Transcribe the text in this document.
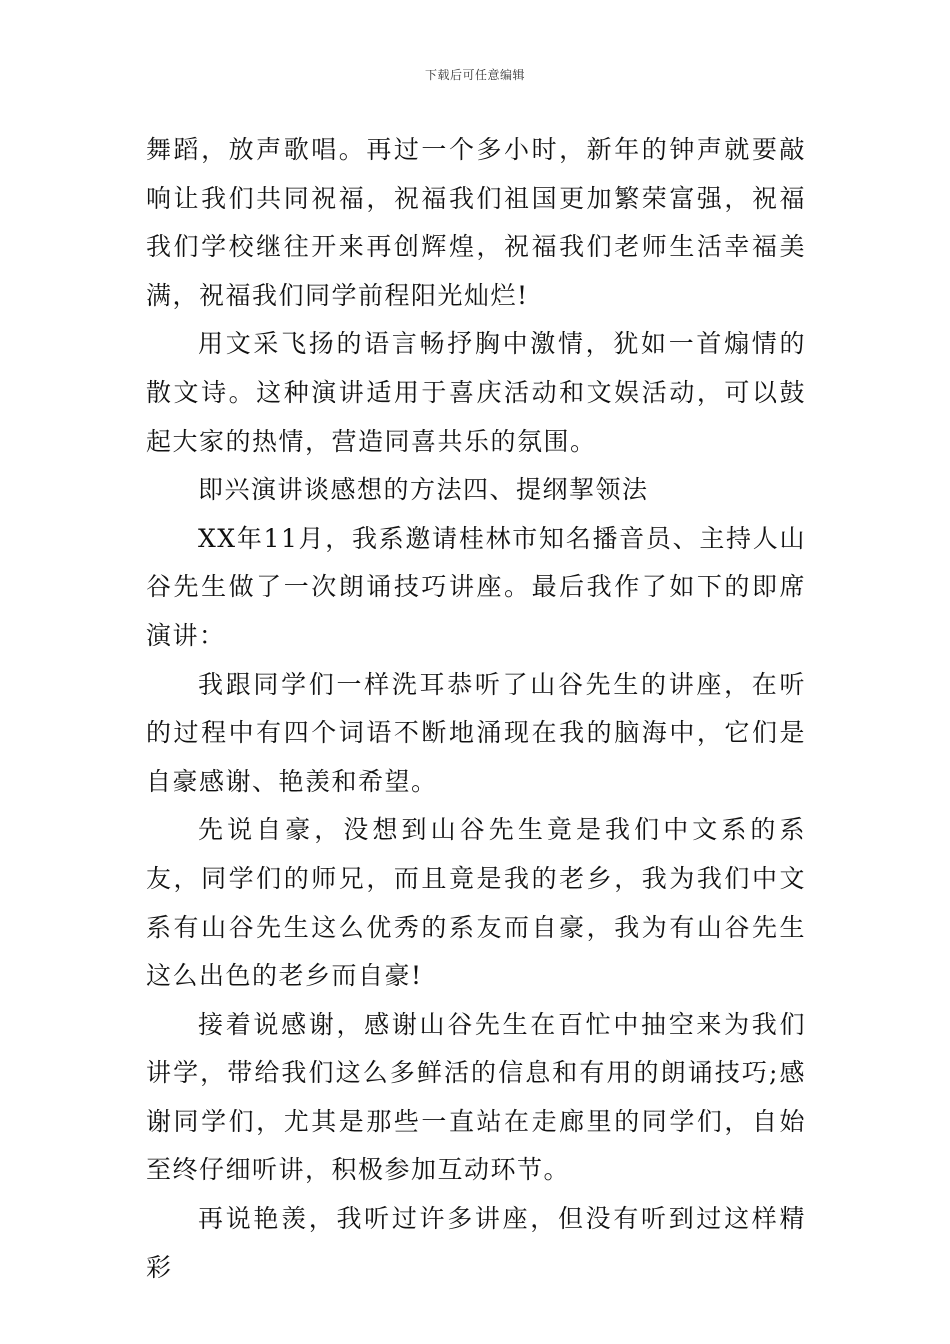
下载后可任意编辑

舞蹈，放声歌唱。再过一个多小时，新年的钟声就要敲响让我们共同祝福，祝福我们祖国更加繁荣富强，祝福我们学校继往开来再创辉煌，祝福我们老师生活幸福美满，祝福我们同学前程阳光灿烂!

用文采飞扬的语言畅抒胸中激情，犹如一首煽情的散文诗。这种演讲适用于喜庆活动和文娱活动，可以鼓起大家的热情，营造同喜共乐的氛围。

即兴演讲谈感想的方法四、提纲挈领法

XX年11月，我系邀请桂林市知名播音员、主持人山谷先生做了一次朗诵技巧讲座。最后我作了如下的即席演讲：

我跟同学们一样洗耳恭听了山谷先生的讲座，在听的过程中有四个词语不断地涌现在我的脑海中，它们是自豪感谢、艳羡和希望。

先说自豪，没想到山谷先生竟是我们中文系的系友，同学们的师兄，而且竟是我的老乡，我为我们中文系有山谷先生这么优秀的系友而自豪，我为有山谷先生这么出色的老乡而自豪!

接着说感谢，感谢山谷先生在百忙中抽空来为我们讲学，带给我们这么多鲜活的信息和有用的朗诵技巧;感谢同学们，尤其是那些一直站在走廊里的同学们，自始至终仔细听讲，积极参加互动环节。

再说艳羡，我听过许多讲座，但没有听到过这样精彩
